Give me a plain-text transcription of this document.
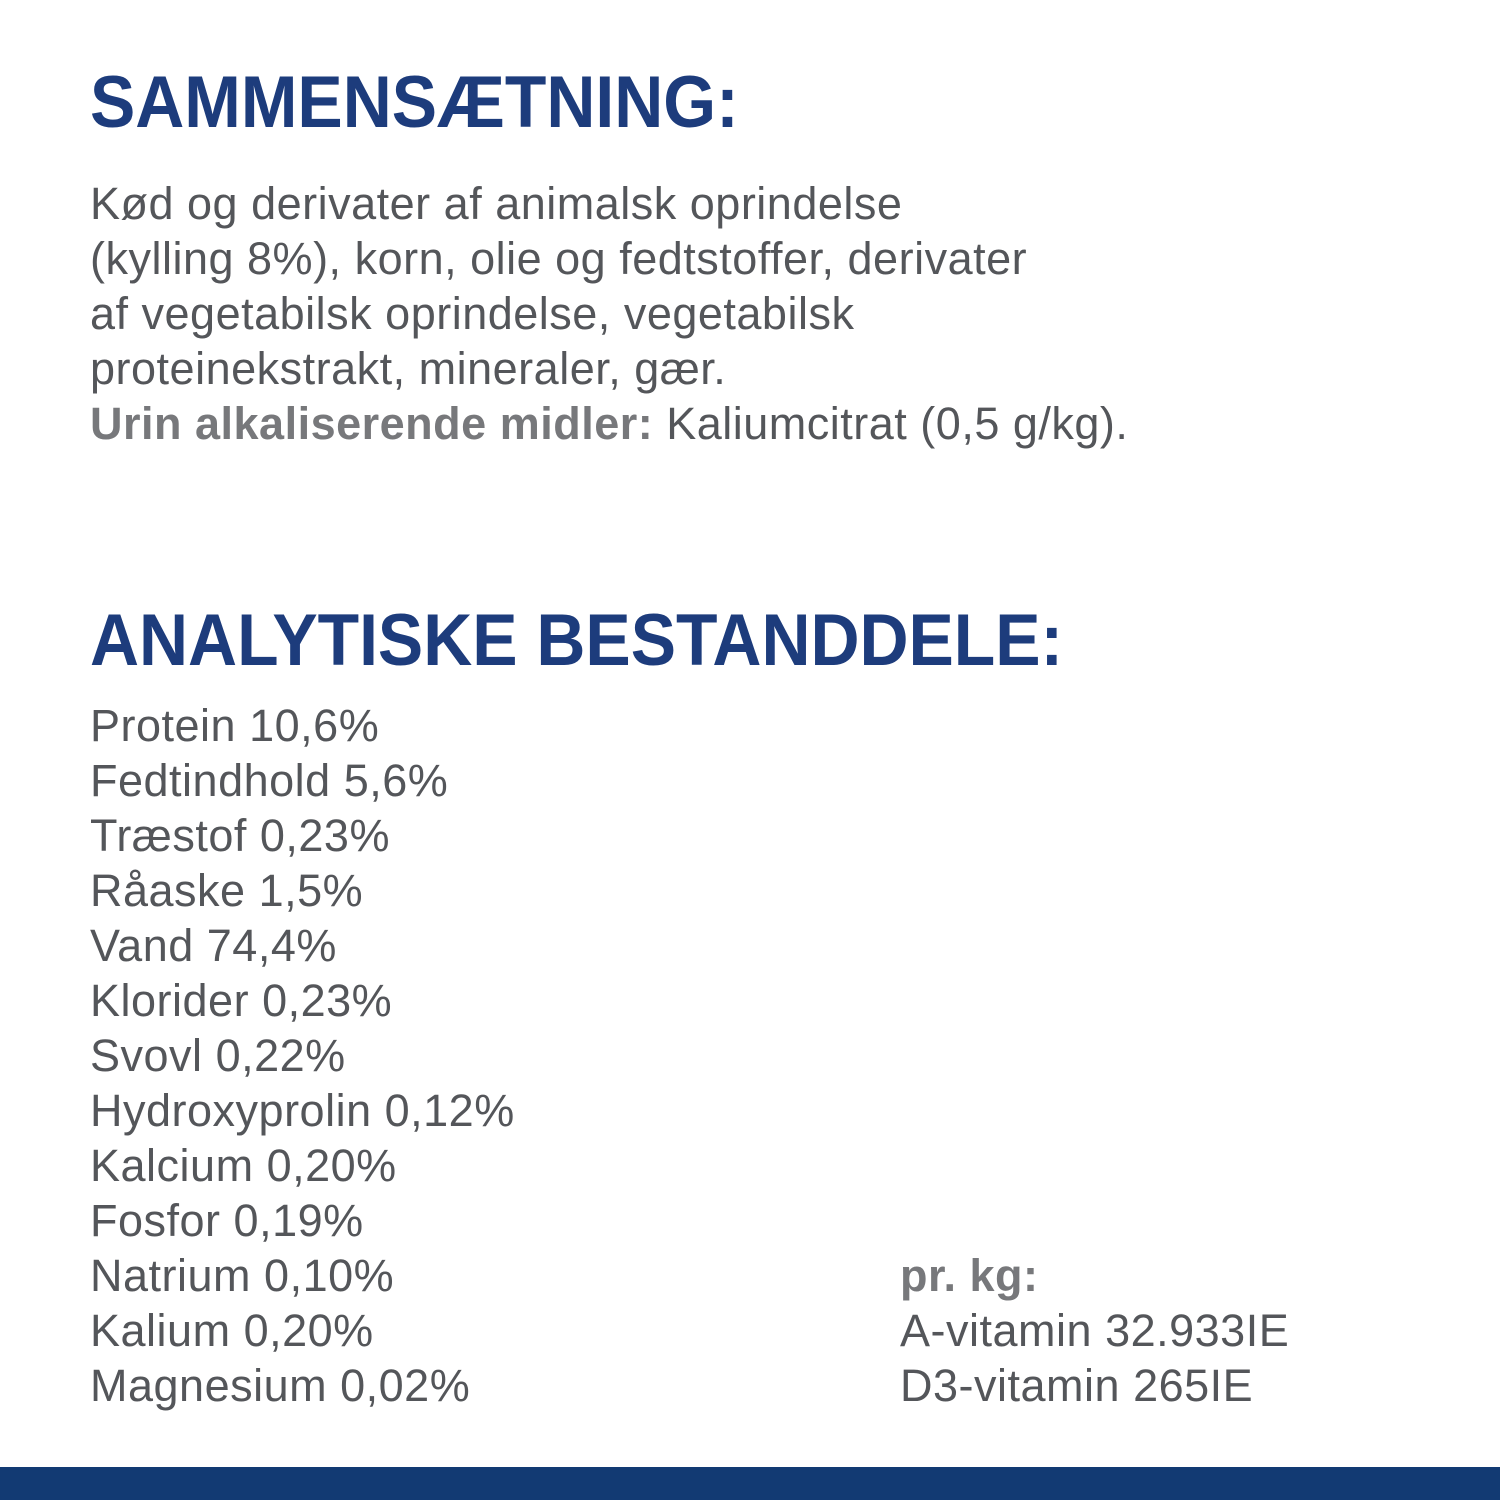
SAMMENSÆTNING:
Kød og derivater af animalsk oprindelse
(kylling 8%), korn, olie og fedtstoffer, derivater
af vegetabilsk oprindelse, vegetabilsk
proteinekstrakt, mineraler, gær.
Urin alkaliserende midler: Kaliumcitrat (0,5 g/kg).
ANALYTISKE BESTANDDELE:
Protein 10,6%
Fedtindhold 5,6%
Træstof 0,23%
Råaske 1,5%
Vand 74,4%
Klorider 0,23%
Svovl 0,22%
Hydroxyprolin 0,12%
Kalcium 0,20%
Fosfor 0,19%
Natrium 0,10%
Kalium 0,20%
Magnesium 0,02%
pr. kg:
A-vitamin 32.933IE
D3-vitamin 265IE
